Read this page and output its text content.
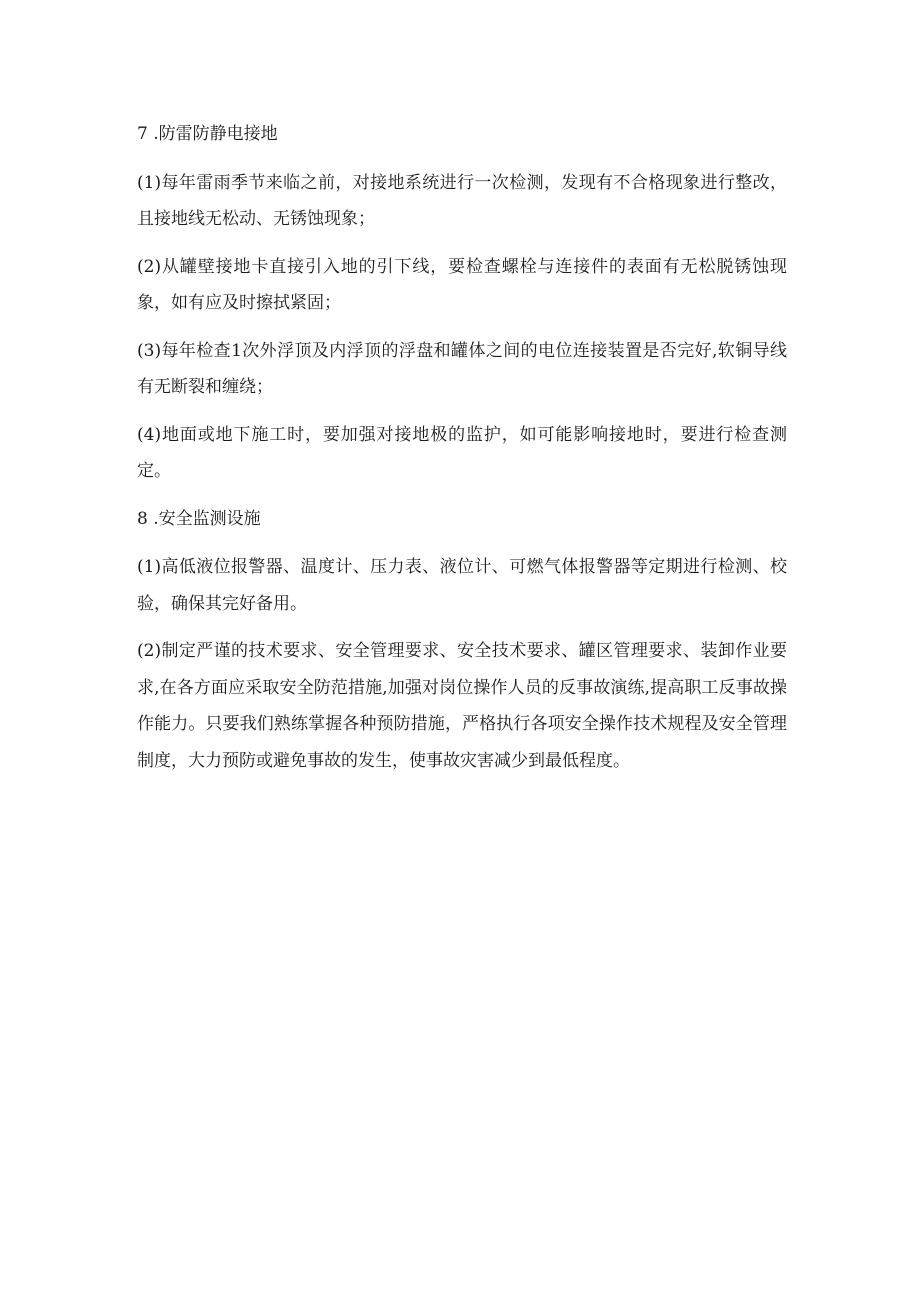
7 .防雷防静电接地

(1)每年雷雨季节来临之前，对接地系统进行一次检测，发现有不合格现象进行整改，且接地线无松动、无锈蚀现象；

(2)从罐壁接地卡直接引入地的引下线，要检查螺栓与连接件的表面有无松脱锈蚀现象，如有应及时擦拭紧固；

(3)每年检查1次外浮顶及内浮顶的浮盘和罐体之间的电位连接装置是否完好,软铜导线有无断裂和缠绕；

(4)地面或地下施工时，要加强对接地极的监护，如可能影响接地时，要进行检查测定。

8 .安全监测设施

(1)高低液位报警器、温度计、压力表、液位计、可燃气体报警器等定期进行检测、校验，确保其完好备用。

(2)制定严谨的技术要求、安全管理要求、安全技术要求、罐区管理要求、装卸作业要求,在各方面应采取安全防范措施,加强对岗位操作人员的反事故演练,提高职工反事故操作能力。只要我们熟练掌握各种预防措施，严格执行各项安全操作技术规程及安全管理制度，大力预防或避免事故的发生，使事故灾害减少到最低程度。
